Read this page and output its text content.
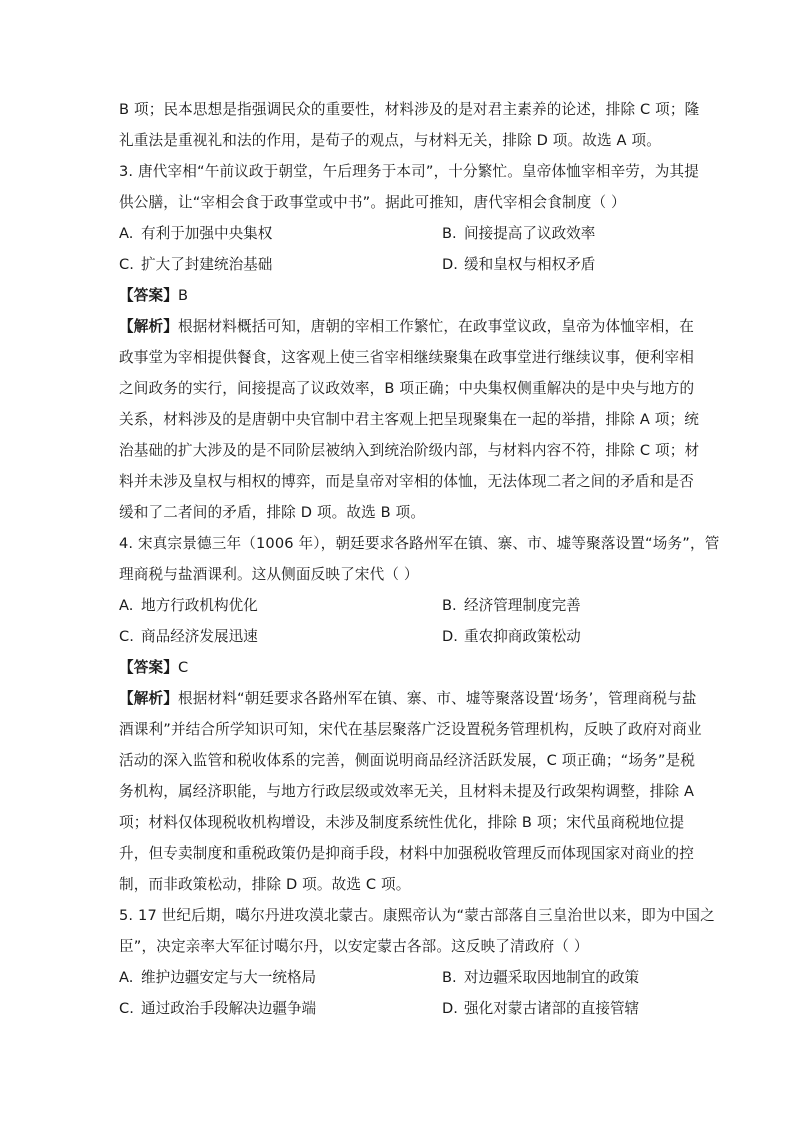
B 项；民本思想是指强调民众的重要性，材料涉及的是对君主素养的论述，排除 C 项；隆
礼重法是重视礼和法的作用，是荀子的观点，与材料无关，排除 D 项。故选 A 项。
3. 唐代宰相“午前议政于朝堂，午后理务于本司”，十分繁忙。皇帝体恤宰相辛劳，为其提
供公膳，让“宰相会食于政事堂或中书”。据此可推知，唐代宰相会食制度（ ）
A. 有利于加强中央集权	B. 间接提高了议政效率
C. 扩大了封建统治基础	D. 缓和皇权与相权矛盾
【答案】B
【解析】根据材料概括可知，唐朝的宰相工作繁忙，在政事堂议政，皇帝为体恤宰相，在
政事堂为宰相提供餐食，这客观上使三省宰相继续聚集在政事堂进行继续议事，便利宰相
之间政务的实行，间接提高了议政效率，B 项正确；中央集权侧重解决的是中央与地方的
关系，材料涉及的是唐朝中央官制中君主客观上把呈现聚集在一起的举措，排除 A 项；统
治基础的扩大涉及的是不同阶层被纳入到统治阶级内部，与材料内容不符，排除 C 项；材
料并未涉及皇权与相权的博弈，而是皇帝对宰相的体恤，无法体现二者之间的矛盾和是否
缓和了二者间的矛盾，排除 D 项。故选 B 项。
4. 宋真宗景德三年（1006 年），朝廷要求各路州军在镇、寨、市、墟等聚落设置“场务”，管
理商税与盐酒课利。这从侧面反映了宋代（ ）
A. 地方行政机构优化	B. 经济管理制度完善
C. 商品经济发展迅速	D. 重农抑商政策松动
【答案】C
【解析】根据材料“朝廷要求各路州军在镇、寨、市、墟等聚落设置‘场务’，管理商税与盐
酒课利”并结合所学知识可知，宋代在基层聚落广泛设置税务管理机构，反映了政府对商业
活动的深入监管和税收体系的完善，侧面说明商品经济活跃发展，C 项正确；“场务”是税
务机构，属经济职能，与地方行政层级或效率无关，且材料未提及行政架构调整，排除 A
项；材料仅体现税收机构增设，未涉及制度系统性优化，排除 B 项；宋代虽商税地位提
升，但专卖制度和重税政策仍是抑商手段，材料中加强税收管理反而体现国家对商业的控
制，而非政策松动，排除 D 项。故选 C 项。
5. 17 世纪后期，噶尔丹进攻漠北蒙古。康熙帝认为“蒙古部落自三皇治世以来，即为中国之
臣”，决定亲率大军征讨噶尔丹，以安定蒙古各部。这反映了清政府（ ）
A. 维护边疆安定与大一统格局	B. 对边疆采取因地制宜的政策
C. 通过政治手段解决边疆争端	D. 强化对蒙古诸部的直接管辖
